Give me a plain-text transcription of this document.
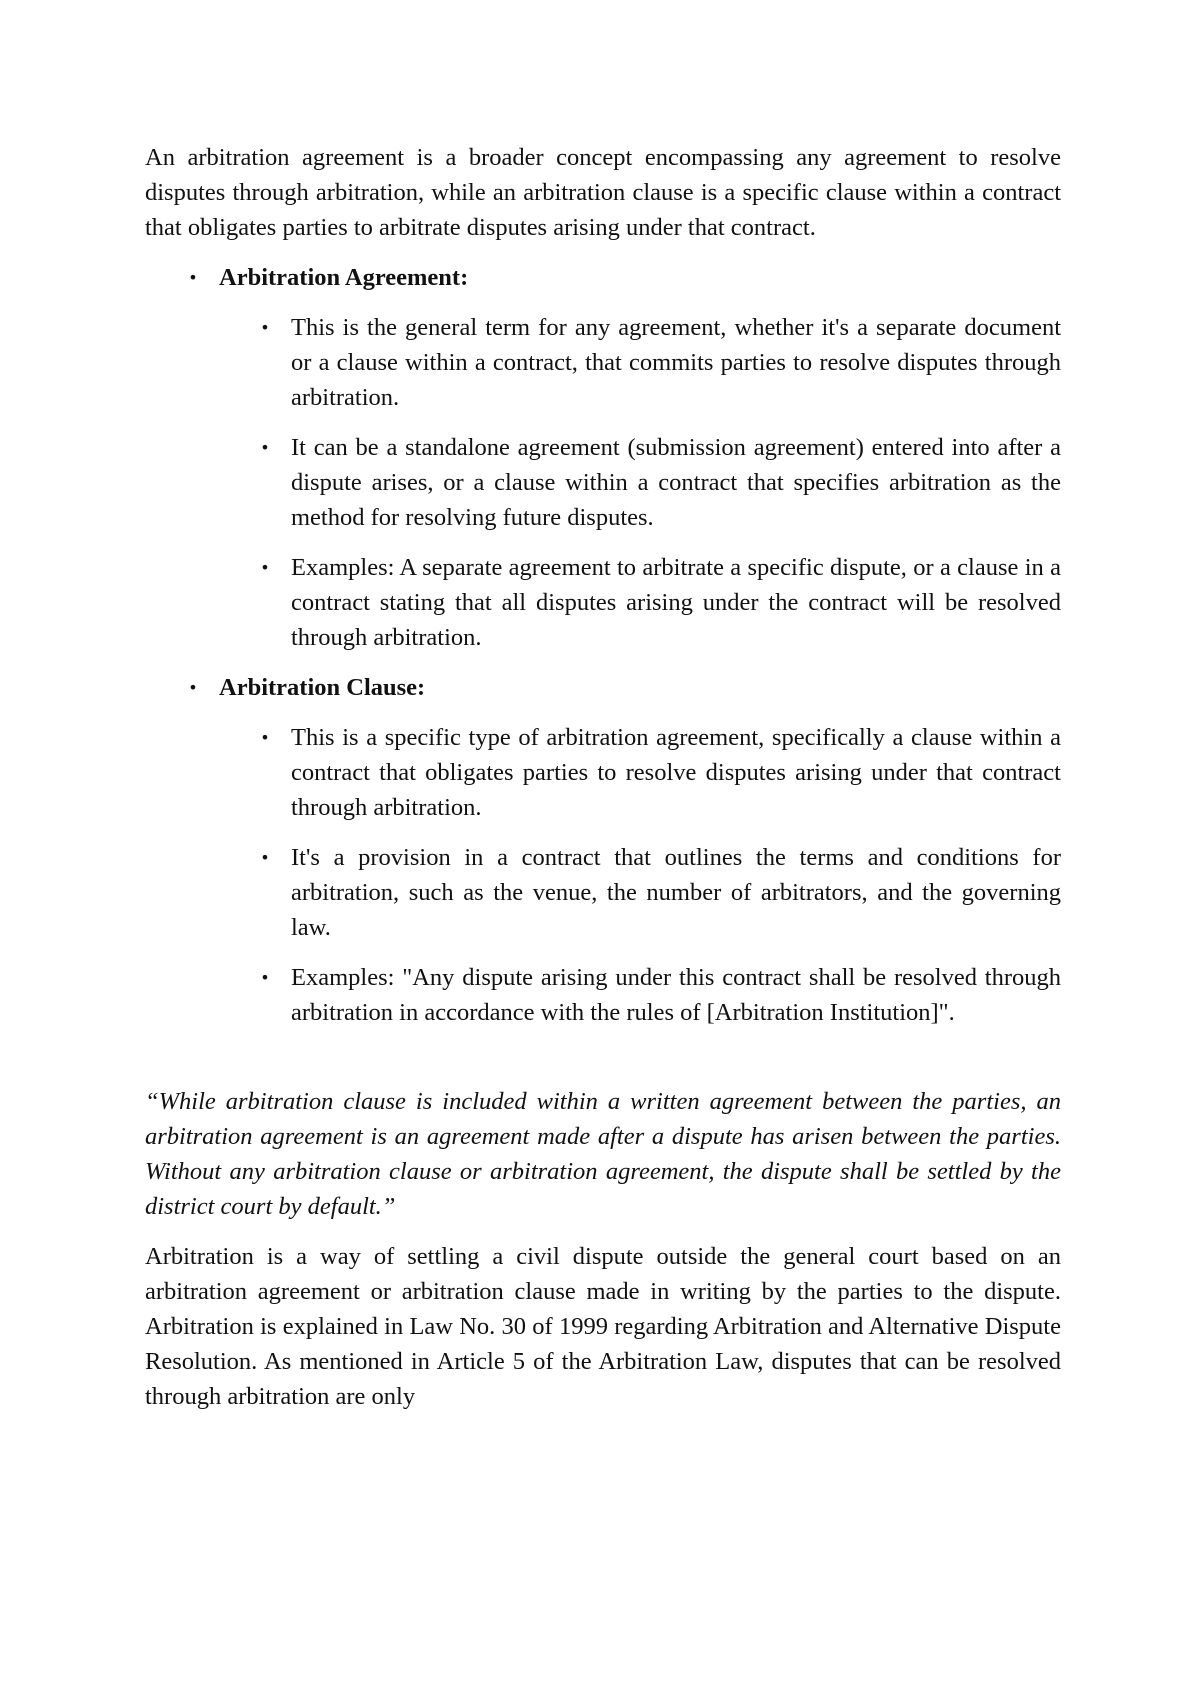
An arbitration agreement is a broader concept encompassing any agreement to resolve disputes through arbitration, while an arbitration clause is a specific clause within a contract that obligates parties to arbitrate disputes arising under that contract.

• Arbitration Agreement:
• This is the general term for any agreement, whether it's a separate document or a clause within a contract, that commits parties to resolve disputes through arbitration.
• It can be a standalone agreement (submission agreement) entered into after a dispute arises, or a clause within a contract that specifies arbitration as the method for resolving future disputes.
• Examples: A separate agreement to arbitrate a specific dispute, or a clause in a contract stating that all disputes arising under the contract will be resolved through arbitration.
• Arbitration Clause:
• This is a specific type of arbitration agreement, specifically a clause within a contract that obligates parties to resolve disputes arising under that contract through arbitration.
• It's a provision in a contract that outlines the terms and conditions for arbitration, such as the venue, the number of arbitrators, and the governing law.
• Examples: "Any dispute arising under this contract shall be resolved through arbitration in accordance with the rules of [Arbitration Institution]".

“While arbitration clause is included within a written agreement between the parties, an arbitration agreement is an agreement made after a dispute has arisen between the parties. Without any arbitration clause or arbitration agreement, the dispute shall be settled by the district court by default.”

Arbitration is a way of settling a civil dispute outside the general court based on an arbitration agreement or arbitration clause made in writing by the parties to the dispute. Arbitration is explained in Law No. 30 of 1999 regarding Arbitration and Alternative Dispute Resolution. As mentioned in Article 5 of the Arbitration Law, disputes that can be resolved through arbitration are only
